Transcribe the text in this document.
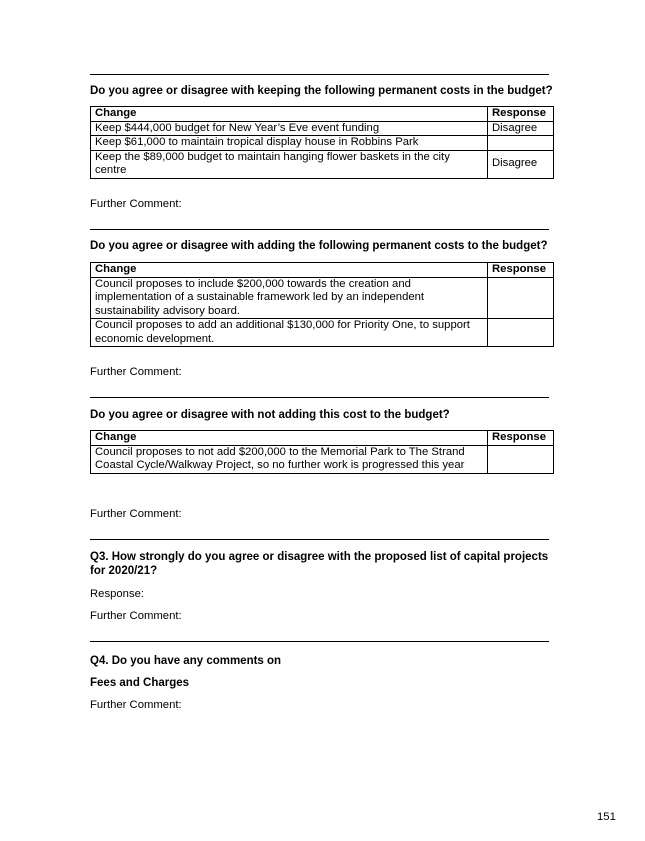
Do you agree or disagree with keeping the following permanent costs in the budget?
Change	Response
Keep $444,000 budget for New Year’s Eve event funding	Disagree
Keep $61,000 to maintain tropical display house in Robbins Park	
Keep the $89,000 budget to maintain hanging flower baskets in the city centre	Disagree
Further Comment:
Do you agree or disagree with adding the following permanent costs to the budget?
Change	Response
Council proposes to include $200,000 towards the creation and implementation of a sustainable framework led by an independent sustainability advisory board.	
Council proposes to add an additional $130,000 for Priority One, to support economic development.	
Further Comment:
Do you agree or disagree with not adding this cost to the budget?
Change	Response
Council proposes to not add $200,000 to the Memorial Park to The Strand Coastal Cycle/Walkway Project, so no further work is progressed this year	
Further Comment:
Q3. How strongly do you agree or disagree with the proposed list of capital projects for 2020/21?
Response:
Further Comment:
Q4. Do you have any comments on
Fees and Charges
Further Comment:
151
